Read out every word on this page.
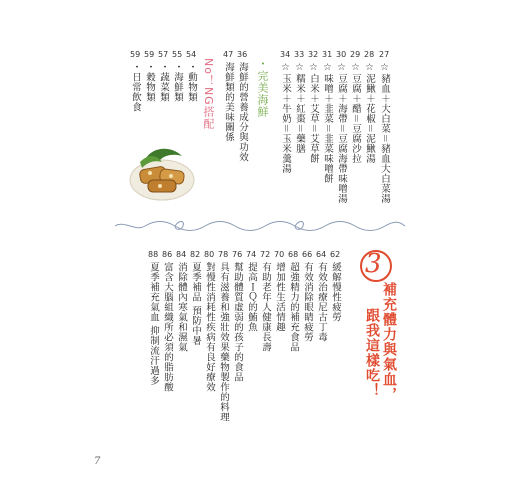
27
☆豬血＋大白菜＝豬血大白菜湯
28
☆泥鰍＋花椒＝泥鰍湯
29
☆豆腐＋醋＝豆腐沙拉
30
☆豆腐＋海帶＝豆腐海帶味噌湯
31
☆味噌＋韭菜＝韭菜味噌餅
32
☆白米＋艾草＝艾草餅
33
☆糯米＋紅棗＝藥膳
34
☆玉米＋牛奶＝玉米羹湯
・完美海鮮
36
海鮮的營養成分與功效
47
海鮮類的美味關係
No！NG搭配
54
・動物類
55
・海鮮類
57
・蔬菜類
59
・穀物類
59
・日常飲食
3
補充體力與氣血，
跟我這樣吃！
62
緩解慢性疲勞
64
有效治療尼古丁毒
66
有效消除眼睛疲勞
68
超強精力的補充食品
70
增加性生活情趣
72
有助老年人健康長壽
74
提高ＩＱ的鮪魚
76
幫助體質虛弱的孩子的食品
78
具有滋養和強壯效果藥物製作的料理
80
對慢性消耗性疾病有良好療效
82
夏季補品 預防中暑
84
消除體內寒氣和濕氣
86
富含大腦組織所必須的脂肪酸
88
夏季補充氣血 抑制流汗過多
7
